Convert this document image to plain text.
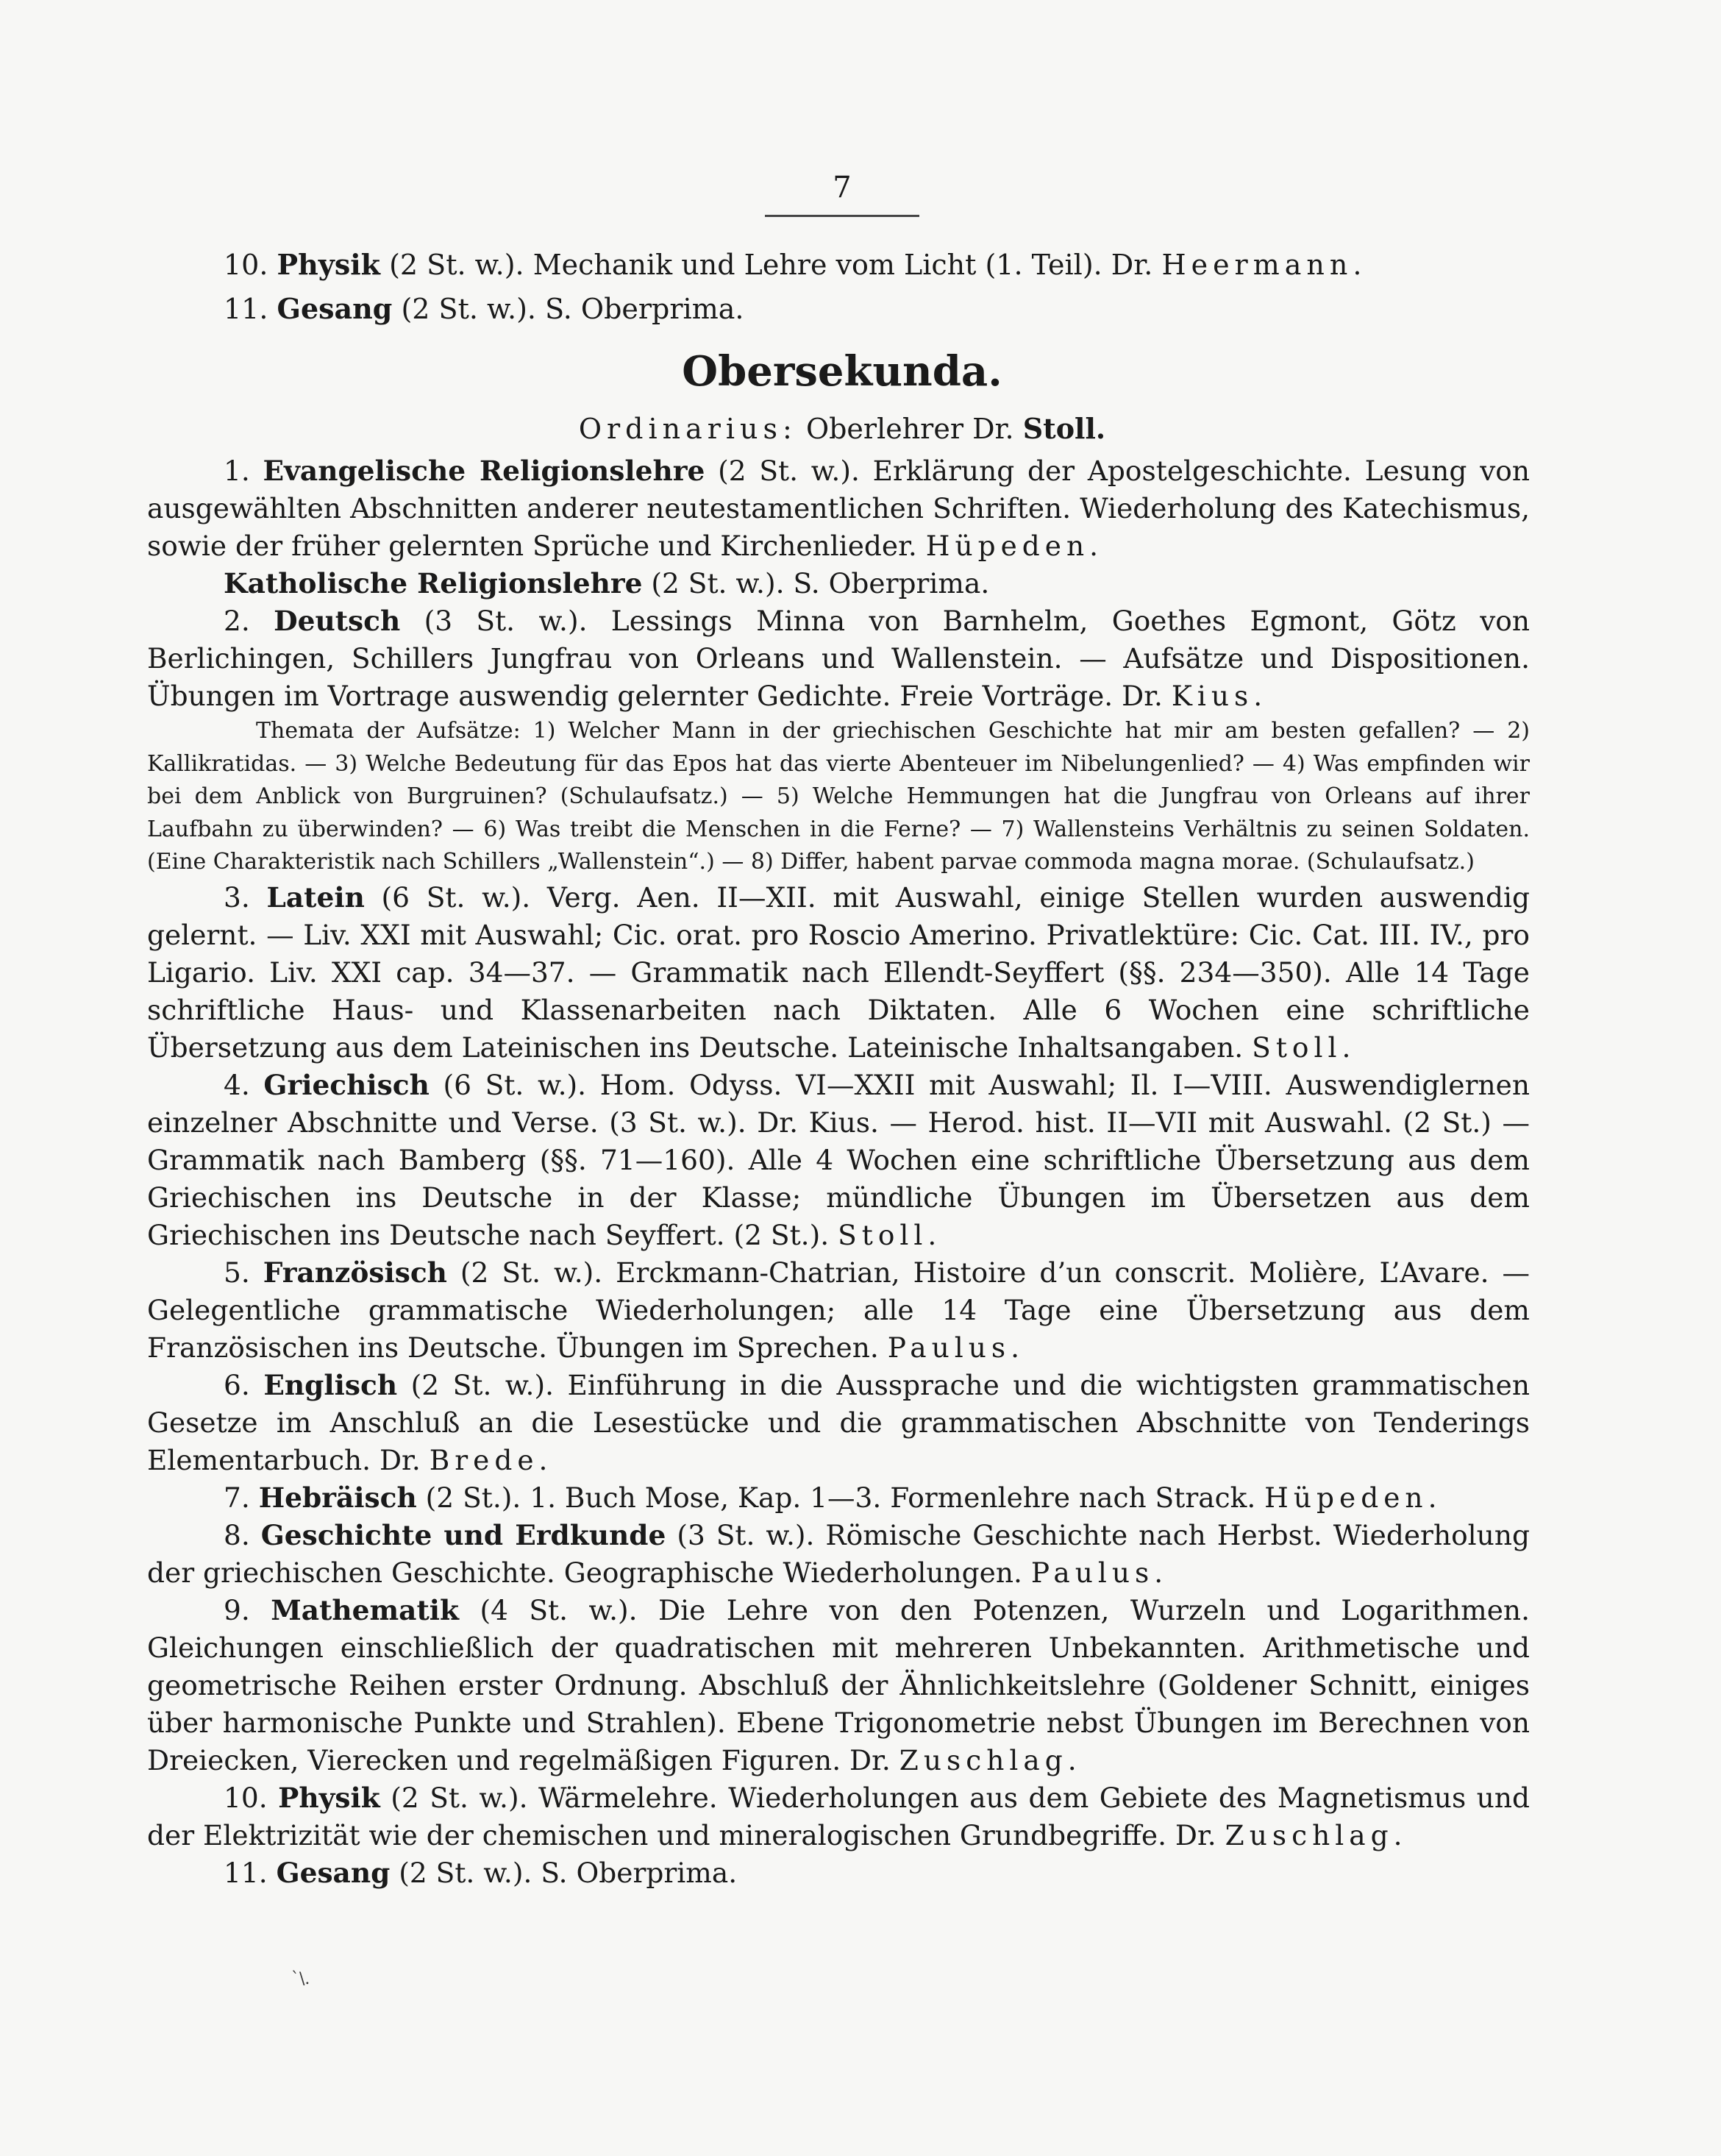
7

10. Physik (2 St. w.). Mechanik und Lehre vom Licht (1. Teil). Dr. Heermann.

11. Gesang (2 St. w.). S. Oberprima.

Obersekunda.
Ordinarius: Oberlehrer Dr. Stoll.

1. Evangelische Religionslehre (2 St. w.). Erklärung der Apostelgeschichte. Lesung von ausgewählten Abschnitten anderer neutestamentlichen Schriften. Wiederholung des Katechismus, sowie der früher gelernten Sprüche und Kirchenlieder. Hüpeden.

Katholische Religionslehre (2 St. w.). S. Oberprima.

2. Deutsch (3 St. w.). Lessings Minna von Barnhelm, Goethes Egmont, Götz von Berlichingen, Schillers Jungfrau von Orleans und Wallenstein. — Aufsätze und Dispositionen. Übungen im Vortrage auswendig gelernter Gedichte. Freie Vorträge. Dr. Kius.

Themata der Aufsätze: 1) Welcher Mann in der griechischen Geschichte hat mir am besten gefallen? — 2) Kallikratidas. — 3) Welche Bedeutung für das Epos hat das vierte Abenteuer im Nibelungenlied? — 4) Was empfinden wir bei dem Anblick von Burgruinen? (Schulaufsatz.) — 5) Welche Hemmungen hat die Jungfrau von Orleans auf ihrer Laufbahn zu überwinden? — 6) Was treibt die Menschen in die Ferne? — 7) Wallensteins Verhältnis zu seinen Soldaten. (Eine Charakteristik nach Schillers „Wallenstein“.) — 8) Differ, habent parvae commoda magna morae. (Schulaufsatz.)

3. Latein (6 St. w.). Verg. Aen. II—XII. mit Auswahl, einige Stellen wurden auswendig gelernt. — Liv. XXI mit Auswahl; Cic. orat. pro Roscio Amerino. Privatlektüre: Cic. Cat. III. IV., pro Ligario. Liv. XXI cap. 34—37. — Grammatik nach Ellendt-Seyffert (§§. 234—350). Alle 14 Tage schriftliche Haus- und Klassenarbeiten nach Diktaten. Alle 6 Wochen eine schriftliche Übersetzung aus dem Lateinischen ins Deutsche. Lateinische Inhaltsangaben. Stoll.

4. Griechisch (6 St. w.). Hom. Odyss. VI—XXII mit Auswahl; Il. I—VIII. Auswendiglernen einzelner Abschnitte und Verse. (3 St. w.). Dr. Kius. — Herod. hist. II—VII mit Auswahl. (2 St.) — Grammatik nach Bamberg (§§. 71—160). Alle 4 Wochen eine schriftliche Übersetzung aus dem Griechischen ins Deutsche in der Klasse; mündliche Übungen im Übersetzen aus dem Griechischen ins Deutsche nach Seyffert. (2 St.). Stoll.

5. Französisch (2 St. w.). Erckmann-Chatrian, Histoire d’un conscrit. Molière, L’Avare. — Gelegentliche grammatische Wiederholungen; alle 14 Tage eine Übersetzung aus dem Französischen ins Deutsche. Übungen im Sprechen. Paulus.

6. Englisch (2 St. w.). Einführung in die Aussprache und die wichtigsten grammatischen Gesetze im Anschluß an die Lesestücke und die grammatischen Abschnitte von Tenderings Elementarbuch. Dr. Brede.

7. Hebräisch (2 St.). 1. Buch Mose, Kap. 1—3. Formenlehre nach Strack. Hüpeden.

8. Geschichte und Erdkunde (3 St. w.). Römische Geschichte nach Herbst. Wiederholung der griechischen Geschichte. Geographische Wiederholungen. Paulus.

9. Mathematik (4 St. w.). Die Lehre von den Potenzen, Wurzeln und Logarithmen. Gleichungen einschließlich der quadratischen mit mehreren Unbekannten. Arithmetische und geometrische Reihen erster Ordnung. Abschluß der Ähnlichkeitslehre (Goldener Schnitt, einiges über harmonische Punkte und Strahlen). Ebene Trigonometrie nebst Übungen im Berechnen von Dreiecken, Vierecken und regelmäßigen Figuren. Dr. Zuschlag.

10. Physik (2 St. w.). Wärmelehre. Wiederholungen aus dem Gebiete des Magnetismus und der Elektrizität wie der chemischen und mineralogischen Grundbegriffe. Dr. Zuschlag.

11. Gesang (2 St. w.). S. Oberprima.

`\.
